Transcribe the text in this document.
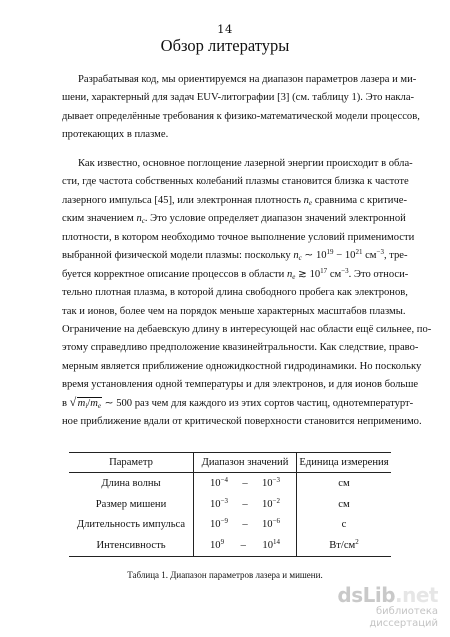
14
Обзор литературы
Разрабатывая код, мы ориентируемся на диапазон параметров лазера и ми-
шени, характерный для задач EUV-литографии [3] (см. таблицу 1). Это накла-
дывает определённые требования к физико-математической модели процессов,
протекающих в плазме.
Как известно, основное поглощение лазерной энергии происходит в обла-
сти, где частота собственных колебаний плазмы становится близка к частоте
лазерного импульса [45], или электронная плотность $n_e$ сравнима с критиче-
ским значением $n_c$. Это условие определяет диапазон значений электронной
плотности, в котором необходимо точное выполнение условий применимости
выбранной физической модели плазмы: поскольку $n_c$ ∼ $10^{19} - 10^{21}$ $см^{-3}$, тре-
буется корректное описание процессов в области $n_e$ ≳ $10^{17}$ $см^{-3}$. Это относи-
тельно плотная плазма, в которой длина свободного пробега как электронов,
так и ионов, более чем на порядок меньше характерных масштабов плазмы.
Ограничение на дебаевскую длину в интересующей нас области ещё сильнее, по-
этому справедливо предположение квазинейтральности. Как следствие, право-
мерным является приближение одножидкостной гидродинамики. Но поскольку
время установления одной температуры и для электронов, и для ионов больше
в √ $m_i/m_e$ ∼ 500 раз чем для каждого из этих сортов частиц, однотемпературт-
ное приближение вдали от критической поверхности становится неприменимо.
Параметр	Диапазон значений	Единица измерения
Длина волны	$10^{-4} - 10^{-3}$	см
Размер мишени	$10^{-3} - 10^{-2}$	см
Длительность импульса	$10^{-9} - 10^{-6}$	с
Интенсивность	$10^9 - 10^{14}$	$Вт/см^2$
Таблица 1. Диапазон параметров лазера и мишени.
dsLib.net
библиотека диссертаций
